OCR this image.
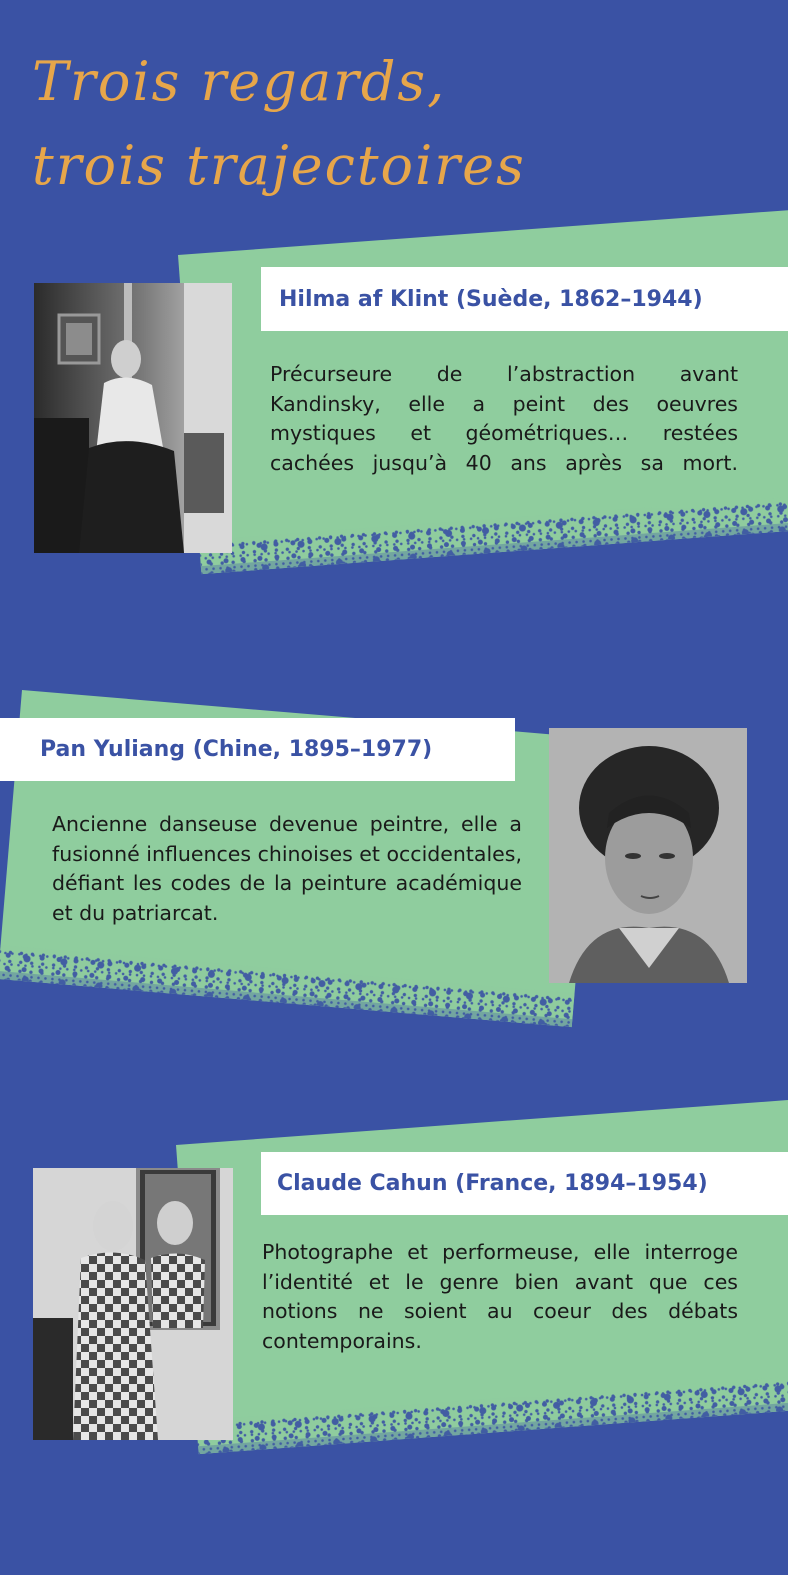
Trois regards,
trois trajectoires
Hilma af Klint (Suède, 1862–1944)

Précurseure de l’abstraction avant Kandinsky, elle a peint des oeuvres mystiques et géométriques… restées cachées jusqu’à 40 ans après sa mort.

Pan Yuliang (Chine, 1895–1977)

Ancienne danseuse devenue peintre, elle a fusionné influences chinoises et occidentales, défiant les codes de la peinture académique et du patriarcat.

Claude Cahun (France, 1894–1954)

Photographe et performeuse, elle interroge l’identité et le genre bien avant que ces notions ne soient au coeur des débats contemporains.
